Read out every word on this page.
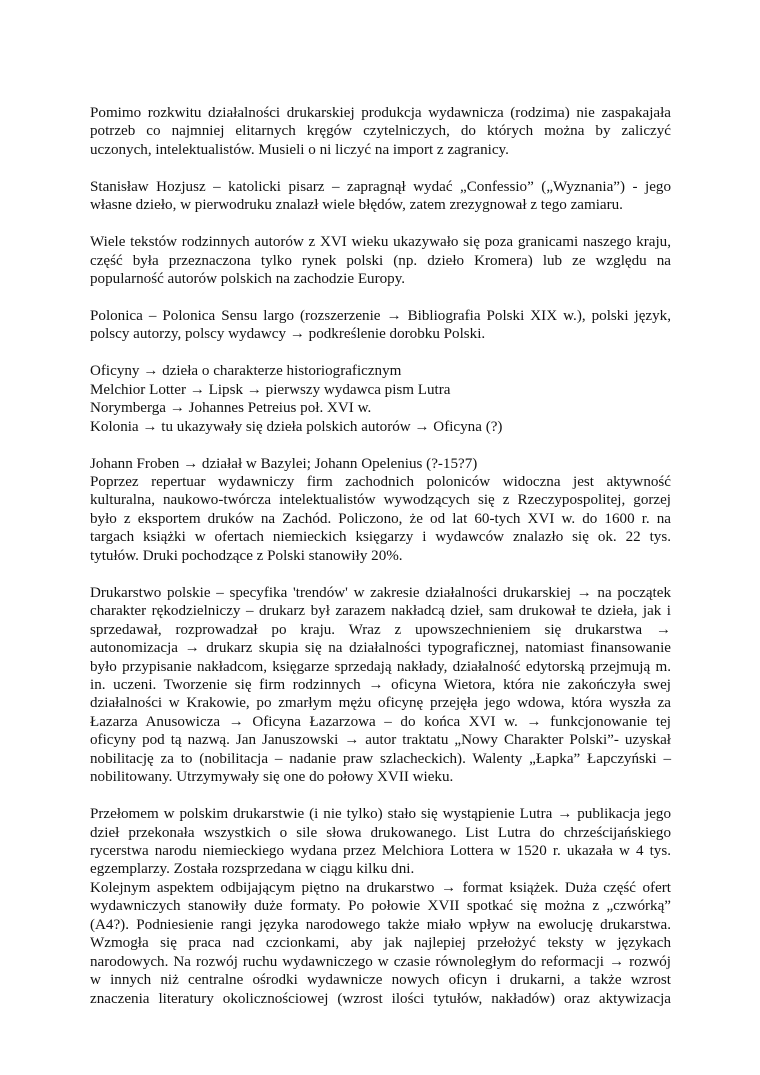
Pomimo rozkwitu działalności drukarskiej produkcja wydawnicza (rodzima) nie zaspakajała
potrzeb co najmniej elitarnych kręgów czytelniczych, do których można by zaliczyć
uczonych, intelektualistów. Musieli o ni liczyć na import z zagranicy.
Stanisław Hozjusz – katolicki pisarz – zapragnął wydać „Confessio” („Wyznania”) - jego
własne dzieło, w pierwodruku znalazł wiele błędów, zatem zrezygnował z tego zamiaru.
Wiele tekstów rodzinnych autorów z XVI wieku ukazywało się poza granicami naszego kraju,
część była przeznaczona tylko rynek polski (np. dzieło Kromera) lub ze względu na
popularność autorów polskich na zachodzie Europy.
Polonica – Polonica Sensu largo (rozszerzenie → Bibliografia Polski XIX w.), polski język,
polscy autorzy, polscy wydawcy → podkreślenie dorobku Polski.
Oficyny → dzieła o charakterze historiograficznym
Melchior Lotter → Lipsk → pierwszy wydawca pism Lutra
Norymberga → Johannes Petreius poł. XVI w.
Kolonia → tu ukazywały się dzieła polskich autorów → Oficyna (?)
Johann Froben → działał w Bazylei; Johann Opelenius (?-15?7)
Poprzez repertuar wydawniczy firm zachodnich poloniców widoczna jest aktywność
kulturalna, naukowo-twórcza intelektualistów wywodzących się z Rzeczypospolitej, gorzej
było z eksportem druków na Zachód. Policzono, że od lat 60-tych XVI w. do 1600 r. na
targach książki w ofertach niemieckich księgarzy i wydawców znalazło się ok. 22 tys.
tytułów. Druki pochodzące z Polski stanowiły 20%.
Drukarstwo polskie – specyfika 'trendów' w zakresie działalności drukarskiej → na początek
charakter rękodzielniczy – drukarz był zarazem nakładcą dzieł, sam drukował te dzieła, jak i
sprzedawał, rozprowadzał po kraju. Wraz z upowszechnieniem się drukarstwa →
autonomizacja → drukarz skupia się na działalności typograficznej, natomiast finansowanie
było przypisanie nakładcom, księgarze sprzedają nakłady, działalność edytorską przejmują m.
in. uczeni. Tworzenie się firm rodzinnych → oficyna Wietora, która nie zakończyła swej
działalności w Krakowie, po zmarłym mężu oficynę przejęła jego wdowa, która wyszła za
Łazarza Anusowicza → Oficyna Łazarzowa – do końca XVI w. → funkcjonowanie tej
oficyny pod tą nazwą. Jan Januszowski → autor traktatu „Nowy Charakter Polski”- uzyskał
nobilitację za to (nobilitacja – nadanie praw szlacheckich). Walenty „Łapka” Łapczyński –
nobilitowany. Utrzymywały się one do połowy XVII wieku.
Przełomem w polskim drukarstwie (i nie tylko) stało się wystąpienie Lutra → publikacja jego
dzieł przekonała wszystkich o sile słowa drukowanego. List Lutra do chrześcijańskiego
rycerstwa narodu niemieckiego wydana przez Melchiora Lottera w 1520 r. ukazała w 4 tys.
egzemplarzy. Została rozsprzedana w ciągu kilku dni.
Kolejnym aspektem odbijającym piętno na drukarstwo → format książek. Duża część ofert
wydawniczych stanowiły duże formaty. Po połowie XVII spotkać się można z „czwórką”
(A4?). Podniesienie rangi języka narodowego także miało wpływ na ewolucję drukarstwa.
Wzmogła się praca nad czcionkami, aby jak najlepiej przełożyć teksty w językach
narodowych. Na rozwój ruchu wydawniczego w czasie równoległym do reformacji → rozwój
w innych niż centralne ośrodki wydawnicze nowych oficyn i drukarni, a także wzrost
znaczenia literatury okolicznościowej (wzrost ilości tytułów, nakładów) oraz aktywizacja
